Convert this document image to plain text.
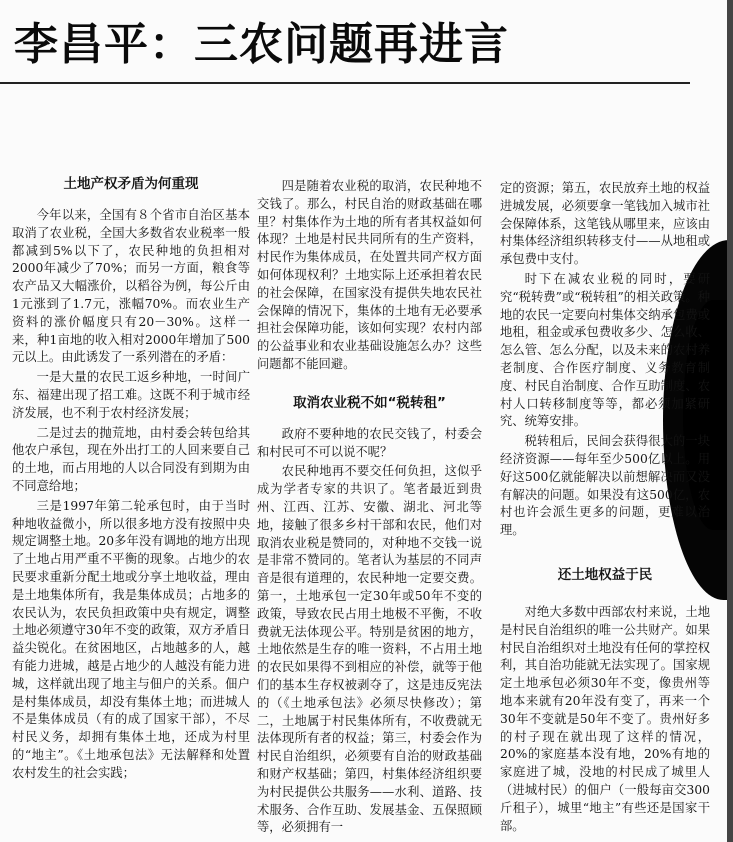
李昌平：三农问题再进言
土地产权矛盾为何重现

今年以来，全国有８个省市自治区基本取消了农业税，全国大多数省农业税率一般都减到5%以下了，农民种地的负担相对2000年减少了70%；而另一方面，粮食等农产品又大幅涨价，以稻谷为例，每公斤由1元涨到了1.7元，涨幅70%。而农业生产资料的涨价幅度只有20－30%。这样一来，种1亩地的收入相对2000年增加了500元以上。由此诱发了一系列潜在的矛盾：

一是大量的农民工返乡种地，一时间广东、福建出现了招工难。这既不利于城市经济发展，也不利于农村经济发展；

二是过去的抛荒地，由村委会转包给其他农户承包，现在外出打工的人回来要自己的土地，而占用地的人以合同没有到期为由不同意给地；

三是1997年第二轮承包时，由于当时种地收益微小，所以很多地方没有按照中央规定调整土地。20多年没有调地的地方出现了土地占用严重不平衡的现象。占地少的农民要求重新分配土地或分享土地收益，理由是土地集体所有，我是集体成员；占地多的农民认为，农民负担政策中央有规定，调整土地必须遵守30年不变的政策，双方矛盾日益尖锐化。在贫困地区，占地越多的人，越有能力进城，越是占地少的人越没有能力进城，这样就出现了地主与佃户的关系。佃户是村集体成员，却没有集体土地；而进城人不是集体成员（有的成了国家干部），不尽村民义务，却拥有集体土地，还成为村里的“地主”。《土地承包法》无法解释和处置农村发生的社会实践；

四是随着农业税的取消，农民种地不交钱了。那么，村民自治的财政基础在哪里？村集体作为土地的所有者其权益如何体现？土地是村民共同所有的生产资料，村民作为集体成员，在处置共同产权方面如何体现权利？土地实际上还承担着农民的社会保障，在国家没有提供失地农民社会保障的情况下，集体的土地有无必要承担社会保障功能，该如何实现？农村内部的公益事业和农业基础设施怎么办？这些问题都不能回避。

取消农业税不如“税转租”

政府不要种地的农民交钱了，村委会和村民可不可以说不呢？

农民种地再不要交任何负担，这似乎成为学者专家的共识了。笔者最近到贵州、江西、江苏、安徽、湖北、河北等地，接触了很多乡村干部和农民，他们对取消农业税是赞同的，对种地不交钱一说是非常不赞同的。笔者认为基层的不同声音是很有道理的，农民种地一定要交费。第一，土地承包一定30年或50年不变的政策，导致农民占用土地极不平衡，不收费就无法体现公平。特别是贫困的地方，土地依然是生存的唯一资料，不占用土地的农民如果得不到相应的补偿，就等于他们的基本生存权被剥夺了，这是违反宪法的（《土地承包法》必须尽快修改）；第二，土地属于村民集体所有，不收费就无法体现所有者的权益；第三，村委会作为村民自治组织，必须要有自治的财政基础和财产权基础；第四，村集体经济组织要为村民提供公共服务——水利、道路、技术服务、合作互助、发展基金、五保照顾等，必须拥有一

定的资源；第五，农民放弃土地的权益进城发展，必须要拿一笔钱加入城市社会保障体系，这笔钱从哪里来，应该由村集体经济组织转移支付——从地租或承包费中支付。

时下在减农业税的同时，要研究“税转费”或“税转租”的相关政策。种地的农民一定要向村集体交纳承包费或地租，租金或承包费收多少、怎么收、怎么管、怎么分配，以及未来的农村养老制度、合作医疗制度、义务教育制度、村民自治制度、合作互助制度、农村人口转移制度等等，都必须加紧研究、统筹安排。

税转租后，民间会获得很大的一块经济资源——每年至少500亿以上。用好这500亿就能解决以前想解决而又没有解决的问题。如果没有这500亿，农村也许会派生更多的问题，更难以治理。

还土地权益于民

对绝大多数中西部农村来说，土地是村民自治组织的唯一公共财产。如果村民自治组织对土地没有任何的掌控权利，其自治功能就无法实现了。国家规定土地承包必须30年不变，像贵州等地本来就有20年没有变了，再来一个30年不变就是50年不变了。贵州好多的村子现在就出现了这样的情况，20%的家庭基本没有地，20%有地的家庭进了城，没地的村民成了城里人（进城村民）的佃户（一般每亩交300斤租子），城里“地主”有些还是国家干部。
